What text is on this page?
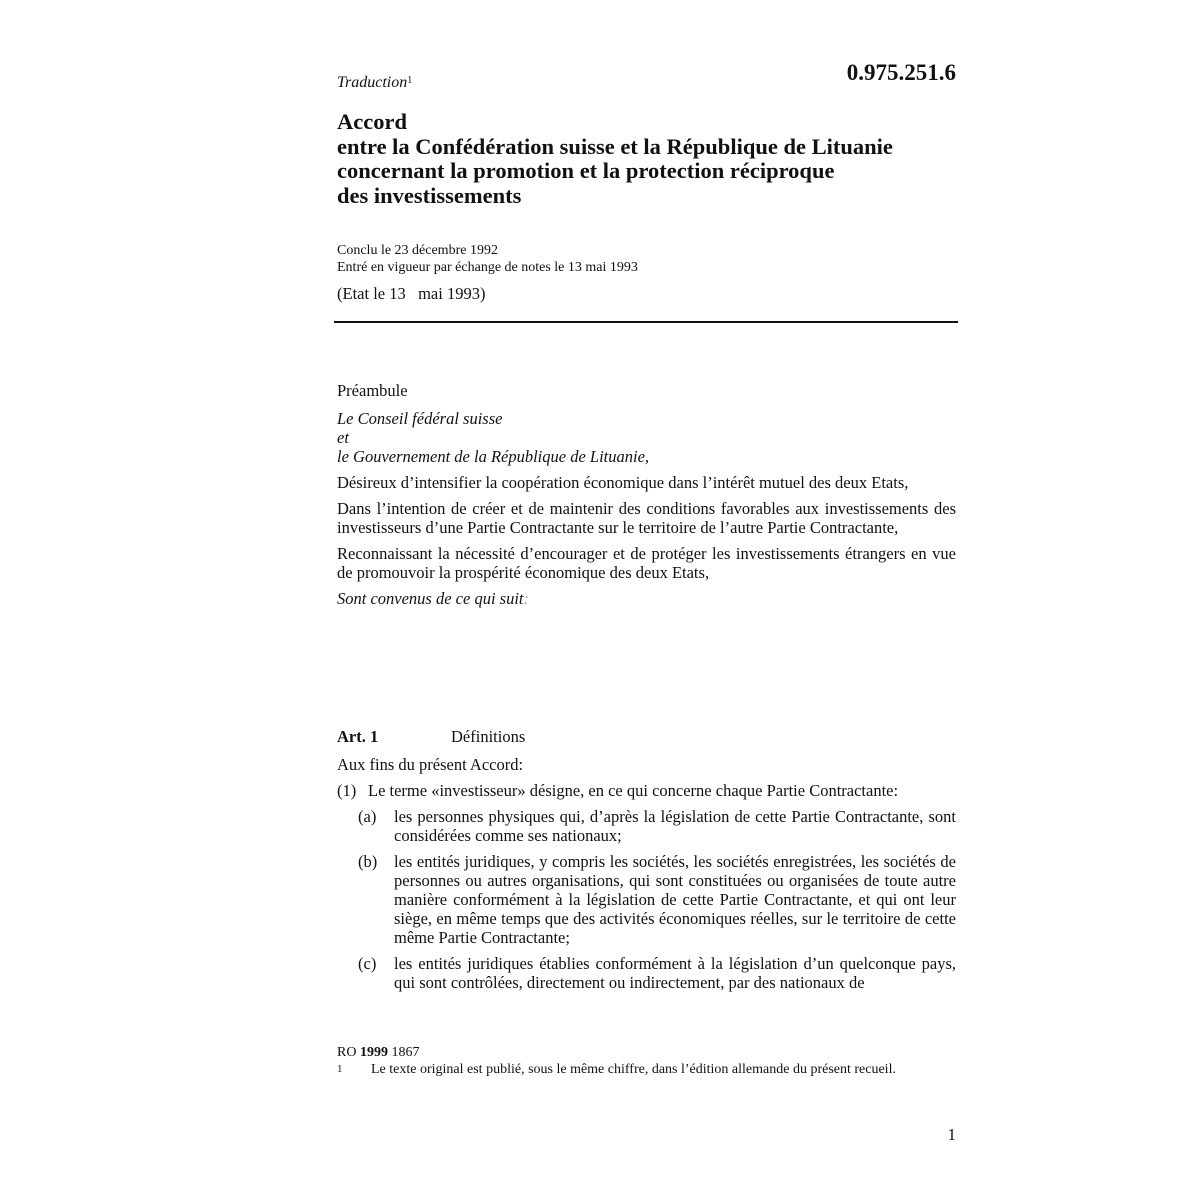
0.975.251.6
Traduction$^1$
Accord
entre la Confédération suisse et la République de Lituanie
concernant la promotion et la protection réciproque
des investissements
Conclu le 23 décembre 1992
Entré en vigueur par échange de notes le 13 mai 1993
(Etat le 13   mai 1993)
Préambule
Le Conseil fédéral suisse
et
le Gouvernement de la République de Lituanie,
Désireux d’intensifier la coopération économique dans l’intérêt mutuel des deux Etats,
Dans l’intention de créer et de maintenir des conditions favorables aux investissements des investisseurs d’une Partie Contractante sur le territoire de l’autre Partie Contractante,
Reconnaissant la nécessité d’encourager et de protéger les investissements étrangers en vue de promouvoir la prospérité économique des deux Etats,
Sont convenus de ce qui suit:
Art. 1	Définitions
Aux fins du présent Accord:
(1) Le terme «investisseur» désigne, en ce qui concerne chaque Partie Contractante:
(a)	les personnes physiques qui, d’après la législation de cette Partie Contractante, sont considérées comme ses nationaux;
(b)	les entités juridiques, y compris les sociétés, les sociétés enregistrées, les sociétés de personnes ou autres organisations, qui sont constituées ou organisées de toute autre manière conformément à la législation de cette Partie Contractante, et qui ont leur siège, en même temps que des activités économiques réelles, sur le territoire de cette même Partie Contractante;
(c)	les entités juridiques établies conformément à la législation d’un quelconque pays, qui sont contrôlées, directement ou indirectement, par des nationaux de
RO 1999 1867
1	Le texte original est publié, sous le même chiffre, dans l’édition allemande du présent recueil.
1
